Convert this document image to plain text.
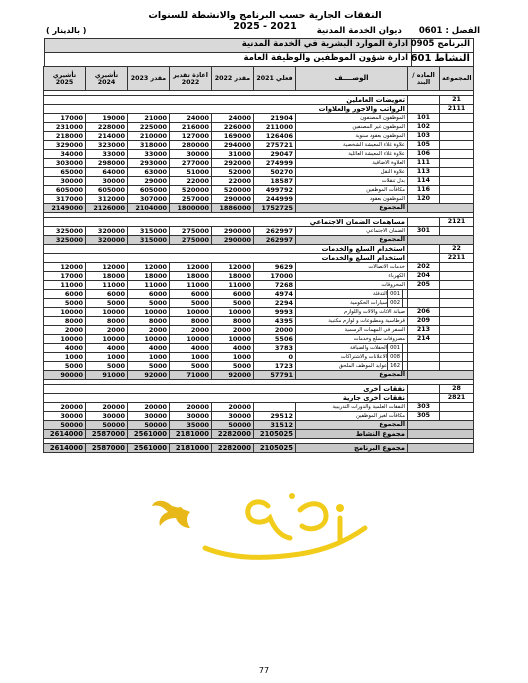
النفقات الجارية حسب البرنامج والانشطة للسنوات 2021 - 2025	الفصل : 0601 ديوان الخدمة المدنية
( بالدينار )
البرنامج 0905
ادارة الموارد البشرية في الخدمة المدنية
النشاط 601
ادارة شؤون الموظفين والوظيفة العامة
تأشيري 2025	تأشيري 2024	مقدر 2023	اعادة تقدير 2022	مقدر 2022	فعلي 2021	الوصــــف	الماده / البند	المجموعة

تعويضات العاملين								21
الرواتب والاجور والعلاوات								2111
17000	19000	21000	24000	24000	21904	الموظفون المصنفون	101	
231000	228000	225000	216000	226000	211000	الموظفون غير المصنفين	102	
218000	214000	210000	127000	169000	126406	الموظفون بعقود سنوية	103	
329000	323000	318000	280000	294000	275721	علاوة غلاء المعيشة الشخصية	105	
34000	33000	33000	30000	31000	29047	علاوة غلاء المعيشة العائلية	106	
303000	298000	293000	277000	292000	274999	العلاوة الاضافية	111	
65000	64000	63000	51000	52000	50270	علاوة النقل	113	
30000	30000	29000	22000	22000	18587	بدل تنقلات	114	
605000	605000	605000	520000	520000	499792	مكافآت الموظفين	116	
317000	312000	307000	257000	290000	244999	الموظفون بعقود	120	
2149000	2126000	2104000	1800000	1886000	1752725	المجموع		

مساهمات الضمان الاجتماعي								2121
325000	320000	315000	275000	290000	262997	الضمان الاجتماعي	301	
325000	320000	315000	275000	290000	262997	المجموع		
استخدام السلع والخدمات								22
استخدام السلع والخدمات								2211
12000	12000	12000	12000	12000	9629	خدمات الاتصالات	202	
17000	18000	18000	18000	18000	17000	الكهرباء	204	
11000	11000	11000	11000	11000	7268	المحروقات	205	
6000	6000	6000	6000	6000	4974	001التدفئة		
5000	5000	5000	5000	5000	2294	002سيارات الحكومية		
10000	10000	10000	10000	10000	9993	صيانة الاثاث والالات واللوازم	206	
8000	8000	8000	8000	8000	4395	قرطاسية ومطبوعات و لوازم مكتبية	209	
2000	2000	2000	2000	2000	2000	السفر في المهمات الرسمية	213	
10000	10000	10000	10000	10000	5506	مصروفات سلع وخدمات	214	
4000	4000	4000	4000	4000	3783	001الحفلات والضيافة		
1000	1000	1000	1000	1000	0	008الاعلانات والاشتراكات		
5000	5000	5000	5000	5000	1723	162عوايد الموظف الملحق		
90000	91000	92000	71000	92000	57791	المجموع		

نفقات أخرى								28
نفقات أخرى جارية								2821
20000	20000	20000	20000	20000		النفقات العلمية والدورات التدريبية	303	
30000	30000	30000	30000	30000	29512	مكافآت لغير الموظفين	305	
50000	50000	50000	35000	50000	31512	المجموع		
2614000	2587000	2561000	2181000	2282000	2105025	مجموع النشاط		

2614000	2587000	2561000	2181000	2282000	2105025	مجموع البرنامج		
77
